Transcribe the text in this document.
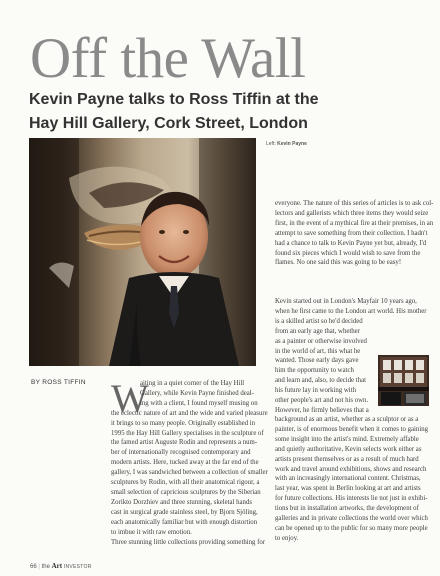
Off the Wall
Kevin Payne talks to Ross Tiffin at the
Hay Hill Gallery, Cork Street, London
Left: Kevin Payne
BY ROSS TIFFIN W
aiting in a quiet corner of the Hay Hill
Gallery, while Kevin Payne finished deal-
ing with a client, I found myself musing on
the eclectic nature of art and the wide and varied pleasure
it brings to so many people. Originally established in
1995 the Hay Hill Gallery specialises in the sculpture of
the famed artist Auguste Rodin and represents a num-
ber of internationally recognised contemporary and
modern artists. Here, tucked away at the far end of the
gallery, I was sandwiched between a collection of smaller
sculptures by Rodin, with all their anatomical rigour, a
small selection of capricious sculptures by the Siberian
Zorikto Dorzhiev and three stunning, skeletal hands
cast in surgical grade stainless steel, by Bjorn Sjöling,
each anatomically familiar but with enough distortion
to imbue it with raw emotion.
Three stunning little collections providing something for
everyone. The nature of this series of articles is to ask col-
lectors and gallerists which three items they would seize
first, in the event of a mythical fire at their premises, in an
attempt to save something from their collection. I hadn't
had a chance to talk to Kevin Payne yet but, already, I'd
found six pieces which I would wish to save from the
flames. No one said this was going to be easy!
Kevin started out in London's Mayfair 10 years ago,
when he first came to the London art world. His mother
is a skilled artist so he'd decided
from an early age that, whether
as a painter or otherwise involved
in the world of art, this what he
wanted. Those early days gave
him the opportunity to watch
and learn and, also, to decide that
his future lay in working with
other people's art and not his own.
However, he firmly believes that a
background as an artist, whether as a sculptor or as a
painter, is of enormous benefit when it comes to gaining
some insight into the artist's mind. Extremely affable
and quietly authoritative, Kevin selects work either as
artists present themselves or as a result of much hard
work and travel around exhibitions, shows and research
with an increasingly international content. Christmas,
last year, was spent in Berlin looking at art and artists
for future collections. His interests lie not just in exhibi-
tions but in installation artworks, the development of
galleries and in private collections the world over which
can be opened up to the public for so many more people
to enjoy.
66 | the Art INVESTOR
